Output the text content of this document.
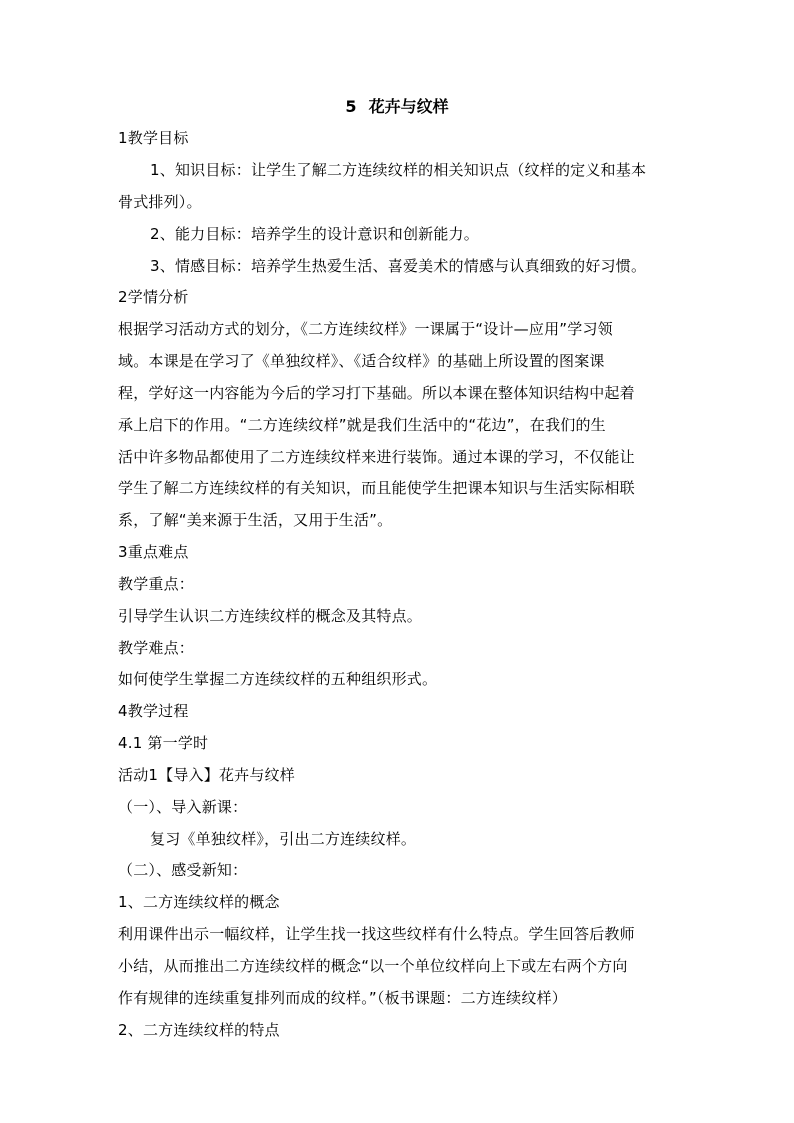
5 花卉与纹样
1教学目标
1、知识目标：让学生了解二方连续纹样的相关知识点（纹样的定义和基本
骨式排列）。
2、能力目标：培养学生的设计意识和创新能力。
3、情感目标：培养学生热爱生活、喜爱美术的情感与认真细致的好习惯。
2学情分析
根据学习活动方式的划分，《二方连续纹样》一课属于“设计—应用”学习领
域。本课是在学习了《单独纹样》、《适合纹样》的基础上所设置的图案课
程，学好这一内容能为今后的学习打下基础。所以本课在整体知识结构中起着
承上启下的作用。“二方连续纹样”就是我们生活中的“花边”，在我们的生
活中许多物品都使用了二方连续纹样来进行装饰。通过本课的学习，不仅能让
学生了解二方连续纹样的有关知识，而且能使学生把课本知识与生活实际相联
系，了解“美来源于生活，又用于生活”。
3重点难点
教学重点：
引导学生认识二方连续纹样的概念及其特点。
教学难点：
如何使学生掌握二方连续纹样的五种组织形式。
4教学过程
4.1 第一学时
活动1【导入】花卉与纹样
（一）、导入新课：
复习《单独纹样》，引出二方连续纹样。
（二）、感受新知：
1、二方连续纹样的概念
利用课件出示一幅纹样，让学生找一找这些纹样有什么特点。学生回答后教师
小结，从而推出二方连续纹样的概念“以一个单位纹样向上下或左右两个方向
作有规律的连续重复排列而成的纹样。”（板书课题：二方连续纹样）
2、二方连续纹样的特点
